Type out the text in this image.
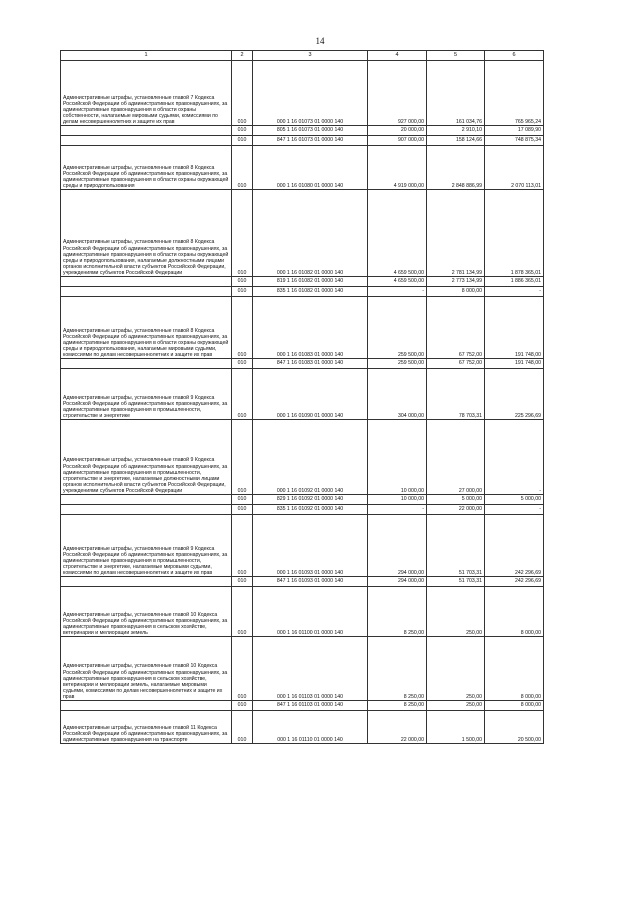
14
1	2	3	4	5	6
Административные штрафы, установленные главой 7 Кодекса Российской Федерации об административных правонарушениях, за административные правонарушения в области охраны собственности, налагаемые мировыми судьями, комиссиями по делам несовершеннолетних и защите их прав	010	000 1 16 01073 01 0000 140	927 000,00	161 034,76	765 965,24
	010	805 1 16 01073 01 0000 140	20 000,00	2 910,10	17 089,90
	010	847 1 16 01073 01 0000 140	907 000,00	158 124,66	748 875,34
Административные штрафы, установленные главой 8 Кодекса Российской Федерации об административных правонарушениях, за административные правонарушения в области охраны окружающей среды и природопользования	010	000 1 16 01080 01 0000 140	4 919 000,00	2 848 886,99	2 070 113,01
Административные штрафы, установленные главой 8 Кодекса Российской Федерации об административных правонарушениях, за административные правонарушения в области охраны окружающей среды и природопользования, налагаемые должностными лицами органов исполнительной власти субъектов Российской Федерации, учреждениями субъектов Российской Федерации	010	000 1 16 01082 01 0000 140	4 659 500,00	2 781 134,99	1 878 365,01
	010	819 1 16 01082 01 0000 140	4 659 500,00	2 773 134,99	1 886 365,01
	010	835 1 16 01082 01 0000 140	-	8 000,00	-
Административные штрафы, установленные главой 8 Кодекса Российской Федерации об административных правонарушениях, за административные правонарушения в области охраны окружающей среды и природопользования, налагаемые мировыми судьями, комиссиями по делам несовершеннолетних и защите их прав	010	000 1 16 01083 01 0000 140	259 500,00	67 752,00	191 748,00
	010	847 1 16 01083 01 0000 140	259 500,00	67 752,00	191 748,00
Административные штрафы, установленные главой 9 Кодекса Российской Федерации об административных правонарушениях, за административные правонарушения в промышленности, строительстве и энергетике	010	000 1 16 01090 01 0000 140	304 000,00	78 703,31	225 296,69
Административные штрафы, установленные главой 9 Кодекса Российской Федерации об административных правонарушениях, за административные правонарушения в промышленности, строительстве и энергетике, налагаемые должностными лицами органов исполнительной власти субъектов Российской Федерации, учреждениями субъектов Российской Федерации	010	000 1 16 01092 01 0000 140	10 000,00	27 000,00	-
	010	829 1 16 01092 01 0000 140	10 000,00	5 000,00	5 000,00
	010	835 1 16 01092 01 0000 140	-	22 000,00	-
Административные штрафы, установленные главой 9 Кодекса Российской Федерации об административных правонарушениях, за административные правонарушения в промышленности, строительстве и энергетике, налагаемые мировыми судьями, комиссиями по делам несовершеннолетних и защите их прав	010	000 1 16 01093 01 0000 140	294 000,00	51 703,31	242 296,69
	010	847 1 16 01093 01 0000 140	294 000,00	51 703,31	242 296,69
Административные штрафы, установленные главой 10 Кодекса Российской Федерации об административных правонарушениях, за административные правонарушения в сельском хозяйстве, ветеринарии и мелиорации земель	010	000 1 16 01100 01 0000 140	8 250,00	250,00	8 000,00
Административные штрафы, установленные главой 10 Кодекса Российской Федерации об административных правонарушениях, за административные правонарушения в сельском хозяйстве, ветеринарии и мелиорации земель, налагаемые мировыми судьями, комиссиями по делам несовершеннолетних и защите их прав	010	000 1 16 01103 01 0000 140	8 250,00	250,00	8 000,00
	010	847 1 16 01103 01 0000 140	8 250,00	250,00	8 000,00
Административные штрафы, установленные главой 11 Кодекса Российской Федерации об административных правонарушениях, за административные правонарушения на транспорте	010	000 1 16 01110 01 0000 140	22 000,00	1 500,00	20 500,00
